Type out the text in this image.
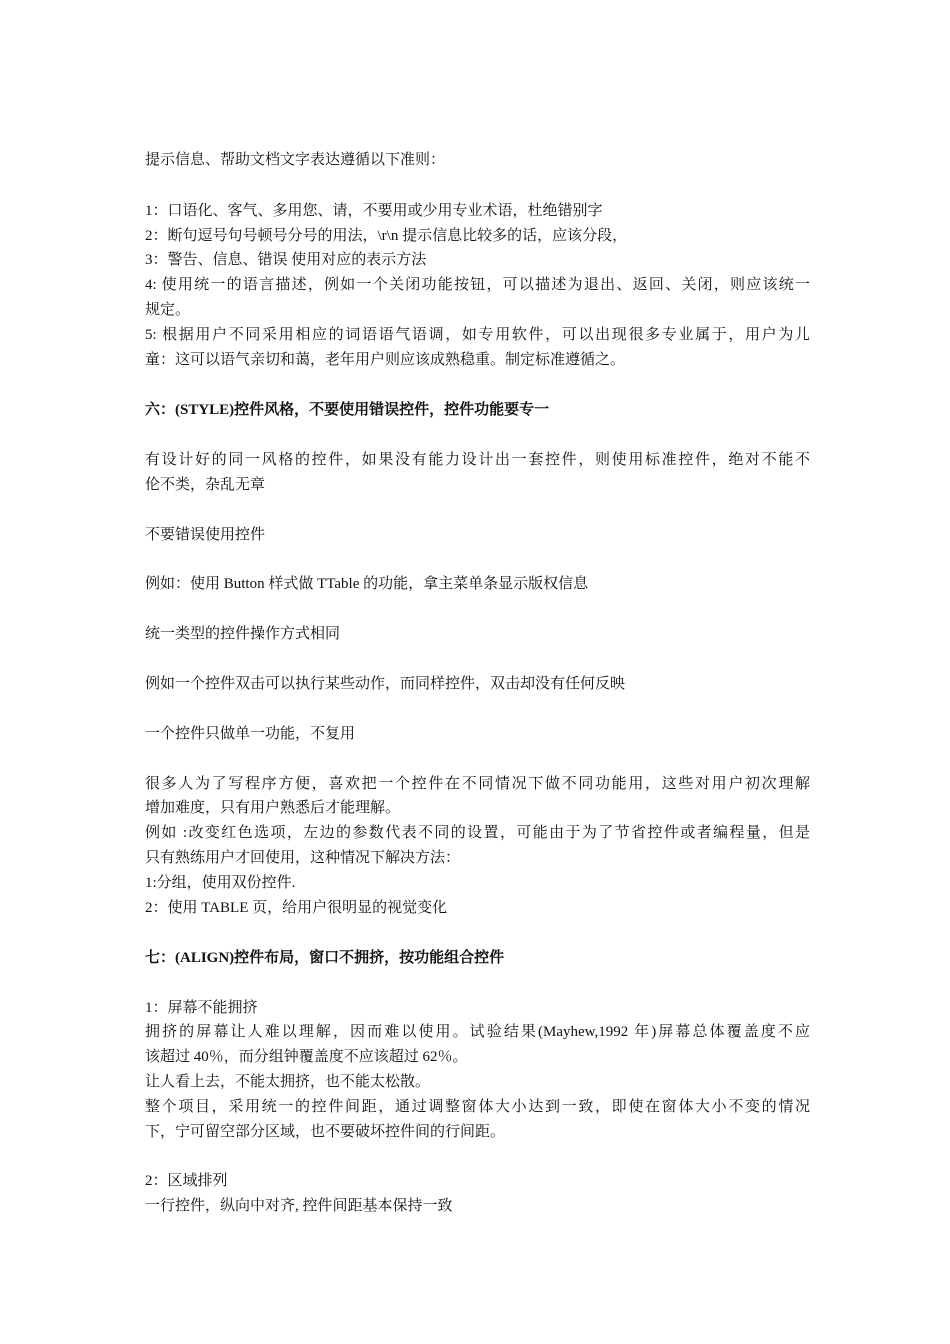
提示信息、帮助文档文字表达遵循以下准则：
1：口语化、客气、多用您、请，不要用或少用专业术语，杜绝错别字
2：断句逗号句号顿号分号的用法，\r\n 提示信息比较多的话，应该分段，
3：警告、信息、错误 使用对应的表示方法
4: 使用统一的语言描述，例如一个关闭功能按钮，可以描述为退出、返回、关闭，则应该统一
规定。
5: 根据用户不同采用相应的词语语气语调，如专用软件，可以出现很多专业属于，用户为儿
童：这可以语气亲切和蔼，老年用户则应该成熟稳重。制定标准遵循之。
六：(STYLE)控件风格，不要使用错误控件，控件功能要专一
有设计好的同一风格的控件，如果没有能力设计出一套控件，则使用标准控件，绝对不能不
伦不类，杂乱无章
不要错误使用控件
例如：使用 Button 样式做 TTable 的功能，拿主菜单条显示版权信息
统一类型的控件操作方式相同
例如一个控件双击可以执行某些动作，而同样控件，双击却没有任何反映
一个控件只做单一功能，不复用
很多人为了写程序方便，喜欢把一个控件在不同情况下做不同功能用，这些对用户初次理解
增加难度，只有用户熟悉后才能理解。
例如 :改变红色选项，左边的参数代表不同的设置，可能由于为了节省控件或者编程量，但是
只有熟练用户才回使用，这种情况下解决方法：
1:分组，使用双份控件.
2：使用 TABLE 页，给用户很明显的视觉变化
七：(ALIGN)控件布局，窗口不拥挤，按功能组合控件
1：屏幕不能拥挤
拥挤的屏幕让人难以理解，因而难以使用。试验结果(Mayhew,1992 年)屏幕总体覆盖度不应
该超过 40％，而分组钟覆盖度不应该超过 62％。
让人看上去，不能太拥挤，也不能太松散。
整个项目，采用统一的控件间距，通过调整窗体大小达到一致，即使在窗体大小不变的情况
下，宁可留空部分区域，也不要破坏控件间的行间距。
2：区域排列
一行控件，纵向中对齐, 控件间距基本保持一致
